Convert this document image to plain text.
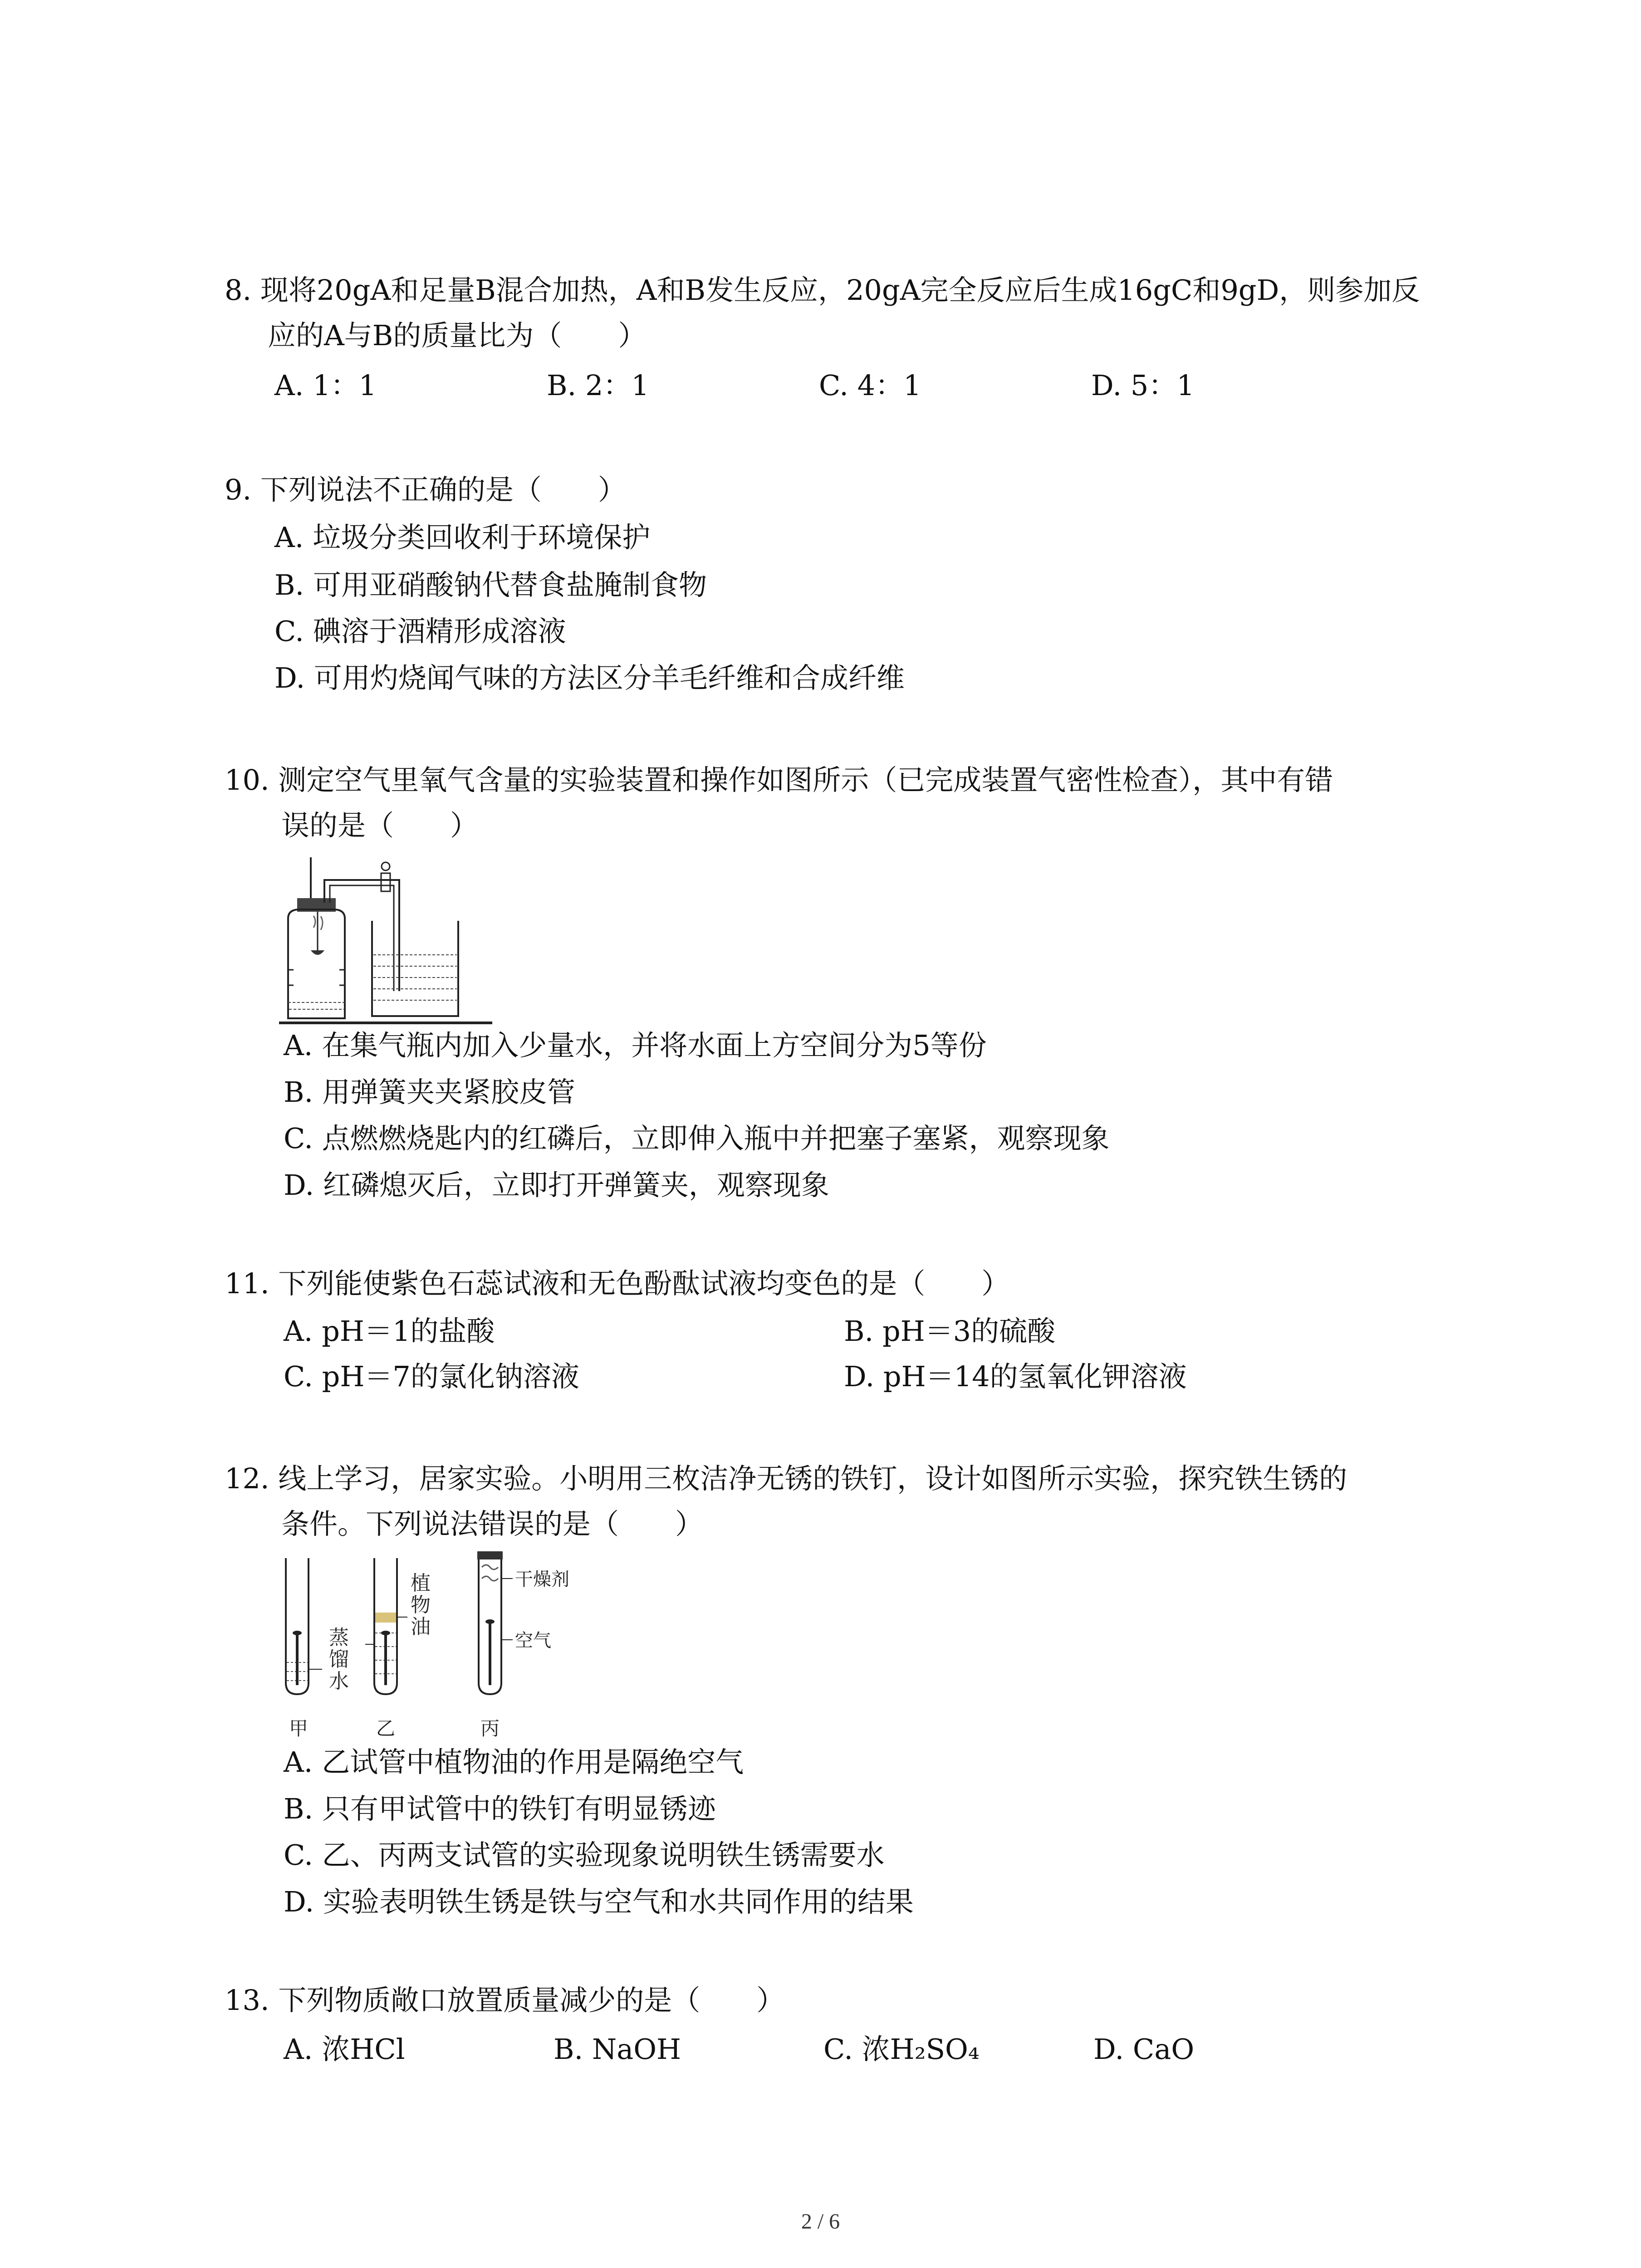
8. 现将20gA和足量B混合加热，A和B发生反应，20gA完全反应后生成16gC和9gD，则参加反
应的A与B的质量比为（　　）
A. 1：1	B. 2：1	C. 4：1	D. 5：1
9. 下列说法不正确的是（　　）
A. 垃圾分类回收利于环境保护
B. 可用亚硝酸钠代替食盐腌制食物
C. 碘溶于酒精形成溶液
D. 可用灼烧闻气味的方法区分羊毛纤维和合成纤维
10. 测定空气里氧气含量的实验装置和操作如图所示（已完成装置气密性检查），其中有错
误的是（　　）
A. 在集气瓶内加入少量水，并将水面上方空间分为5等份
B. 用弹簧夹夹紧胶皮管
C. 点燃燃烧匙内的红磷后，立即伸入瓶中并把塞子塞紧，观察现象
D. 红磷熄灭后，立即打开弹簧夹，观察现象
11. 下列能使紫色石蕊试液和无色酚酞试液均变色的是（　　）
A. pH＝1的盐酸	B. pH＝3的硫酸
C. pH＝7的氯化钠溶液	D. pH＝14的氢氧化钾溶液
12. 线上学习，居家实验。小明用三枚洁净无锈的铁钉，设计如图所示实验，探究铁生锈的
条件。下列说法错误的是（　　）
蒸
馏
水
植
物
油
干燥剂
空气
甲	乙	丙
A. 乙试管中植物油的作用是隔绝空气
B. 只有甲试管中的铁钉有明显锈迹
C. 乙、丙两支试管的实验现象说明铁生锈需要水
D. 实验表明铁生锈是铁与空气和水共同作用的结果
13. 下列物质敞口放置质量减少的是（　　）
A. 浓HCl	B. NaOH	C. 浓H₂SO₄	D. CaO
2 / 6
